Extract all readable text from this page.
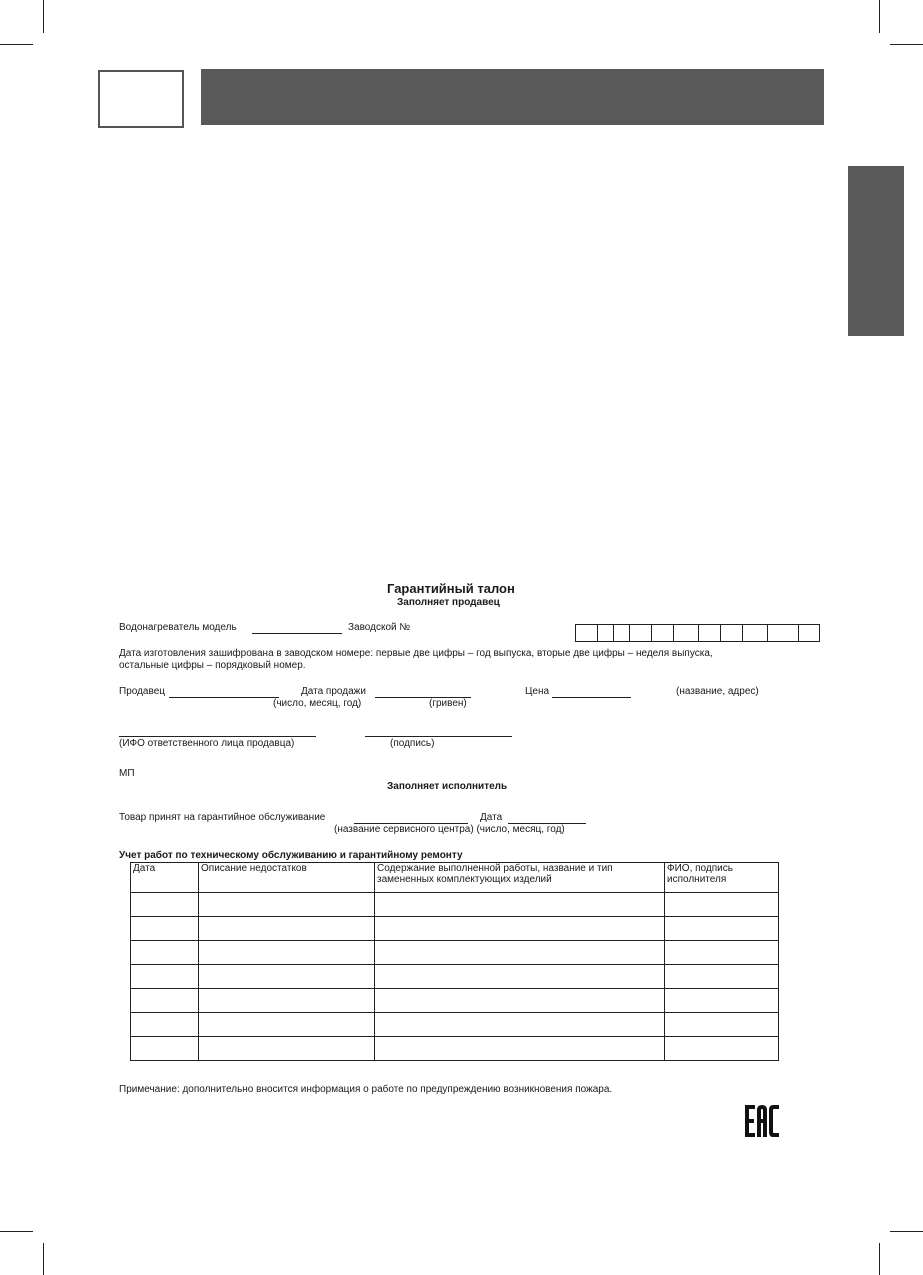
Гарантийный талон
Заполняет продавец
Водонагреватель модель	Заводской №
Дата изготовления зашифрована в заводском номере: первые две цифры – год выпуска, вторые две цифры – неделя выпуска,
остальные цифры – порядковый номер.
Продавец	Дата продажи	Цена	(название, адрес)
(число, месяц, год)	(гривен)
(ИФО ответственного лица продавца)	(подпись)
МП
Заполняет исполнитель
Товар принят на гарантийное обслуживание	Дата
(название сервисного центра) (число, месяц, год)
Учет работ по техническому обслуживанию и гарантийному ремонту
Дата	Описание недостатков	Содержание выполненной работы, название и тип замененных комплектующих изделий	ФИО, подпись исполнителя

Примечание: дополнительно вносится информация о работе по предупреждению возникновения пожара.
